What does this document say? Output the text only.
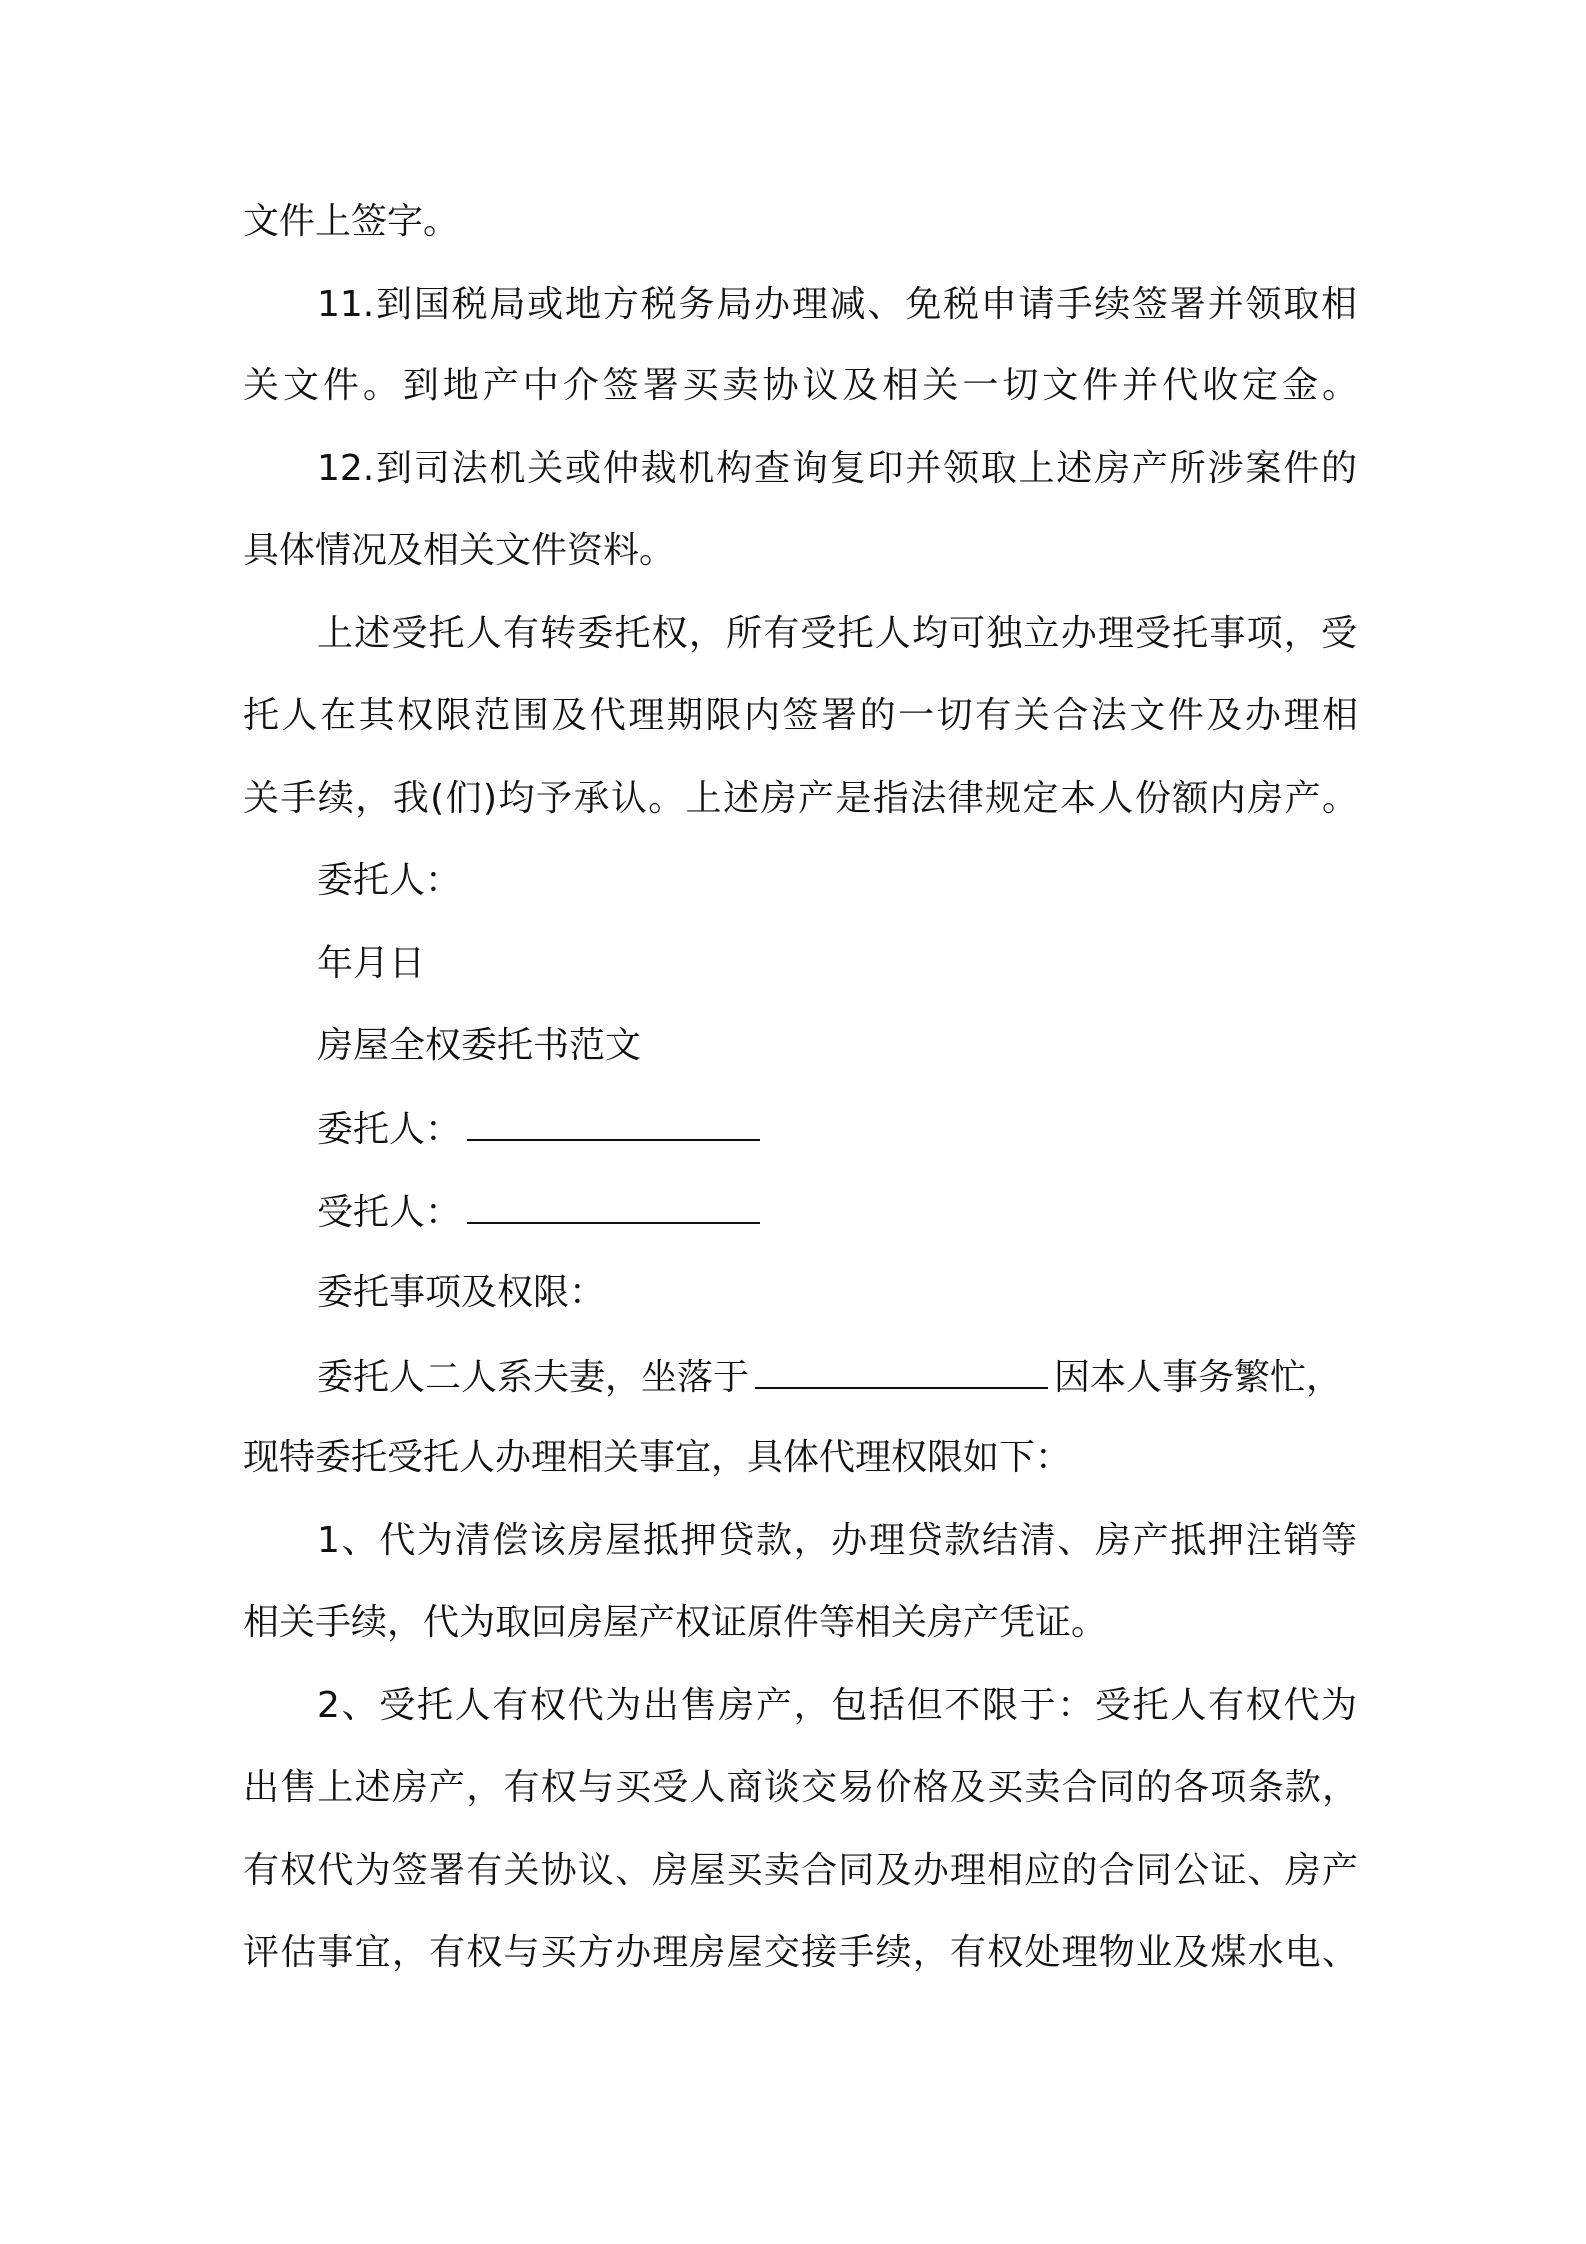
文件上签字。
11.到国税局或地方税务局办理减、免税申请手续签署并领取相
关文件。到地产中介签署买卖协议及相关一切文件并代收定金。
12.到司法机关或仲裁机构查询复印并领取上述房产所涉案件的
具体情况及相关文件资料。
上述受托人有转委托权，所有受托人均可独立办理受托事项，受
托人在其权限范围及代理期限内签署的一切有关合法文件及办理相
关手续，我(们)均予承认。上述房产是指法律规定本人份额内房产。
委托人：
年月日
房屋全权委托书范文
委托人：
受托人：
委托事项及权限：
委托人二人系夫妻，坐落于	因本人事务繁忙，
现特委托受托人办理相关事宜，具体代理权限如下：
1、代为清偿该房屋抵押贷款，办理贷款结清、房产抵押注销等
相关手续，代为取回房屋产权证原件等相关房产凭证。
2、受托人有权代为出售房产，包括但不限于：受托人有权代为
出售上述房产，有权与买受人商谈交易价格及买卖合同的各项条款，
有权代为签署有关协议、房屋买卖合同及办理相应的合同公证、房产
评估事宜，有权与买方办理房屋交接手续，有权处理物业及煤水电、
